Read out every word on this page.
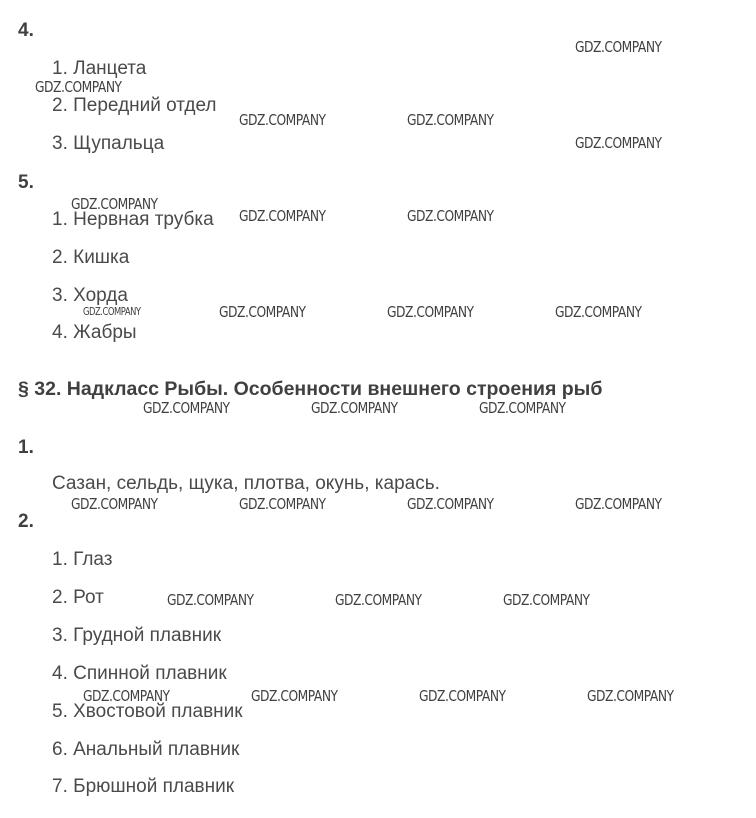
4.
1. Ланцета
2. Передний отдел
3. Щупальца
5.
1. Нервная трубка
2. Кишка
3. Хорда
4. Жабры
§ 32. Надкласс Рыбы. Особенности внешнего строения рыб
1.
Сазан, сельдь, щука, плотва, окунь, карась.
2.
1. Глаз
2. Рот
3. Грудной плавник
4. Спинной плавник
5. Хвостовой плавник
6. Анальный плавник
7. Брюшной плавник
GDZ.COMPANY
GDZ.COMPANY
GDZ.COMPANY	GDZ.COMPANY
GDZ.COMPANY
GDZ.COMPANY
GDZ.COMPANY	GDZ.COMPANY
GDZ.COMPANY	GDZ.COMPANY	GDZ.COMPANY	GDZ.COMPANY
GDZ.COMPANY	GDZ.COMPANY	GDZ.COMPANY
GDZ.COMPANY	GDZ.COMPANY	GDZ.COMPANY	GDZ.COMPANY
GDZ.COMPANY	GDZ.COMPANY	GDZ.COMPANY
GDZ.COMPANY	GDZ.COMPANY	GDZ.COMPANY	GDZ.COMPANY
